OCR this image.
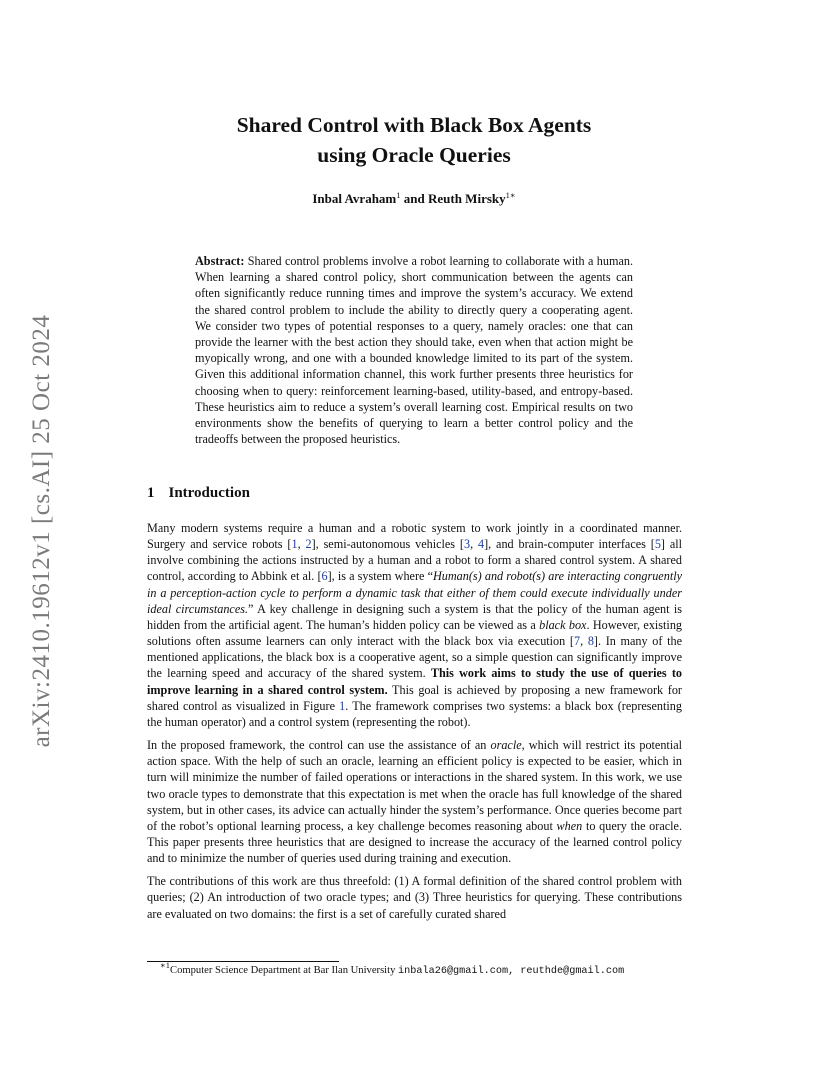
arXiv:2410.19612v1 [cs.AI] 25 Oct 2024
Shared Control with Black Box Agents
using Oracle Queries
Inbal Avraham$^1$ and Reuth Mirsky$^{1∗}$
Abstract: Shared control problems involve a robot learning to collaborate with a human. When learning a shared control policy, short communication between the agents can often significantly reduce running times and improve the system’s accuracy. We extend the shared control problem to include the ability to directly query a cooperating agent. We consider two types of potential responses to a query, namely oracles: one that can provide the learner with the best action they should take, even when that action might be myopically wrong, and one with a bounded knowledge limited to its part of the system. Given this additional information channel, this work further presents three heuristics for choosing when to query: reinforcement learning-based, utility-based, and entropy-based. These heuristics aim to reduce a system’s overall learning cost. Empirical results on two environments show the benefits of querying to learn a better control policy and the tradeoffs between the proposed heuristics.
1 Introduction

Many modern systems require a human and a robotic system to work jointly in a coordinated manner. Surgery and service robots [1, 2], semi-autonomous vehicles [3, 4], and brain-computer interfaces [5] all involve combining the actions instructed by a human and a robot to form a shared control system. A shared control, according to Abbink et al. [6], is a system where “Human(s) and robot(s) are interacting congruently in a perception-action cycle to perform a dynamic task that either of them could execute individually under ideal circumstances.” A key challenge in designing such a system is that the policy of the human agent is hidden from the artificial agent. The human’s hidden policy can be viewed as a black box. However, existing solutions often assume learners can only interact with the black box via execution [7, 8]. In many of the mentioned applications, the black box is a cooperative agent, so a simple question can significantly improve the learning speed and accuracy of the shared system. This work aims to study the use of queries to improve learning in a shared control system. This goal is achieved by proposing a new framework for shared control as visualized in Figure 1. The framework comprises two systems: a black box (representing the human operator) and a control system (representing the robot).

In the proposed framework, the control can use the assistance of an oracle, which will restrict its potential action space. With the help of such an oracle, learning an efficient policy is expected to be easier, which in turn will minimize the number of failed operations or interactions in the shared system. In this work, we use two oracle types to demonstrate that this expectation is met when the oracle has full knowledge of the shared system, but in other cases, its advice can actually hinder the system’s performance. Once queries become part of the robot’s optional learning process, a key challenge becomes reasoning about when to query the oracle. This paper presents three heuristics that are designed to increase the accuracy of the learned control policy and to minimize the number of queries used during training and execution.

The contributions of this work are thus threefold: (1) A formal definition of the shared control problem with queries; (2) An introduction of two oracle types; and (3) Three heuristics for querying. These contributions are evaluated on two domains: the first is a set of carefully curated shared

$^{∗1}$Computer Science Department at Bar Ilan University inbala26@gmail.com, reuthde@gmail.com
